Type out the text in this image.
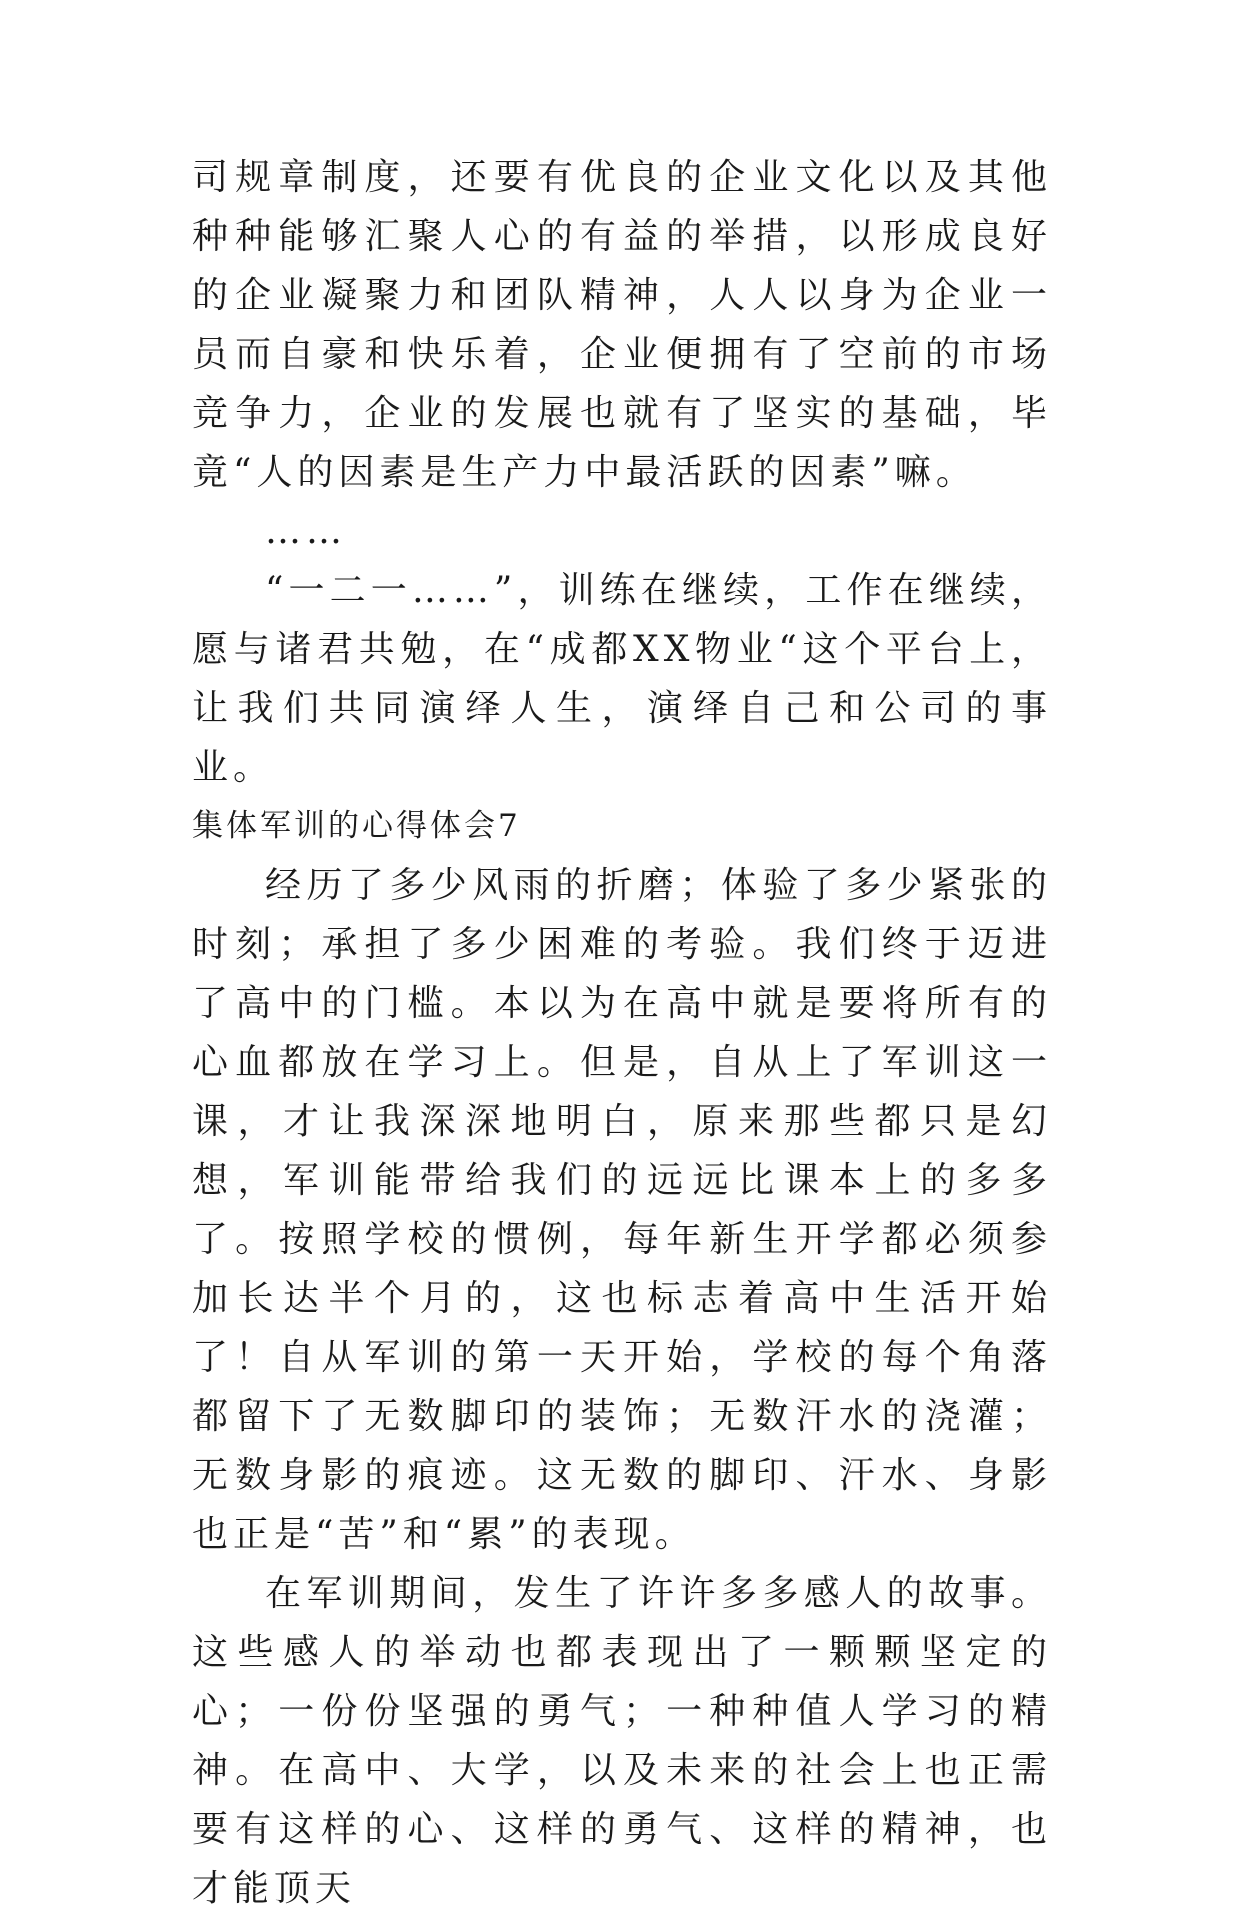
司规章制度，还要有优良的企业文化以及其他种种能够汇聚人心的有益的举措，以形成良好的企业凝聚力和团队精神，人人以身为企业一员而自豪和快乐着，企业便拥有了空前的市场竞争力，企业的发展也就有了坚实的基础，毕竟“人的因素是生产力中最活跃的因素”嘛。

……

“一二一……”，训练在继续，工作在继续，愿与诸君共勉，在“成都XX物业“这个平台上，让我们共同演绎人生，演绎自己和公司的事业。

集体军训的心得体会7

经历了多少风雨的折磨；体验了多少紧张的时刻；承担了多少困难的考验。我们终于迈进了高中的门槛。本以为在高中就是要将所有的心血都放在学习上。但是，自从上了军训这一课，才让我深深地明白，原来那些都只是幻想，军训能带给我们的远远比课本上的多多了。按照学校的惯例，每年新生开学都必须参加长达半个月的，这也标志着高中生活开始了！自从军训的第一天开始，学校的每个角落都留下了无数脚印的装饰；无数汗水的浇灌；无数身影的痕迹。这无数的脚印、汗水、身影也正是“苦”和“累”的表现。

在军训期间，发生了许许多多感人的故事。这些感人的举动也都表现出了一颗颗坚定的心；一份份坚强的勇气；一种种值人学习的精神。在高中、大学，以及未来的社会上也正需要有这样的心、这样的勇气、这样的精神，也才能顶天
